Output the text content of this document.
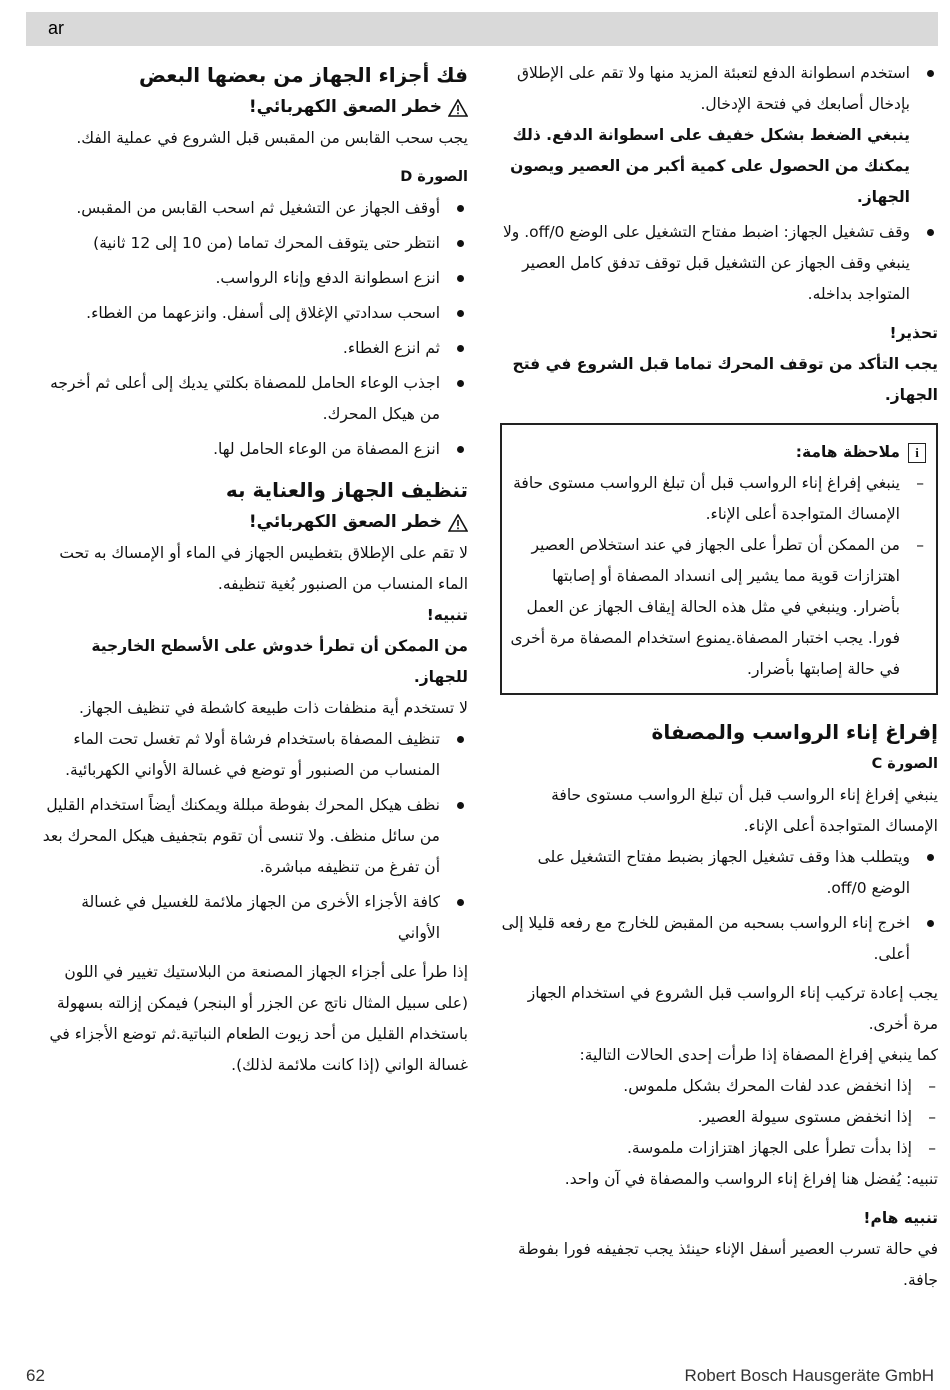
ar

استخدم اسطوانة الدفع لتعبئة المزيد منها ولا تقم على الإطلاق بإدخال أصابعك في فتحة الإدخال.

ينبغي الضغط بشكل خفيف على اسطوانة الدفع. ذلك يمكنك من الحصول على كمية أكبر من العصير ويصون الجهاز.

وقف تشغيل الجهاز: اضبط مفتاح التشغيل على الوضع off/0. ولا ينبغي وقف الجهاز عن التشغيل قبل توقف تدفق كامل العصير المتواجد بداخله.

تحذير!

يجب التأكد من توقف المحرك تماما قبل الشروع في فتح الجهاز.

i
ملاحظة هامة:
– ينبغي إفراغ إناء الرواسب قبل أن تبلغ الرواسب مستوى حافة الإمساك المتواجدة أعلى الإناء.
– من الممكن أن تطرأ على الجهاز في عند استخلاص العصير اهتزازات قوية مما يشير إلى انسداد المصفاة أو إصابتها بأضرار. وينبغي في مثل هذه الحالة إيقاف الجهاز عن العمل فورا. يجب اختبار المصفاة.يمنوع استخدام المصفاة مرة أخرى في حالة إصابتها بأضرار.
إفراغ إناء الرواسب والمصفاة

الصورة C

ينبغي إفراغ إناء الرواسب قبل أن تبلغ الرواسب مستوى حافة الإمساك المتواجدة أعلى الإناء.

ويتطلب هذا وقف تشغيل الجهاز بضبط مفتاح التشغيل على الوضع off/0.
اخرج إناء الرواسب بسحبه من المقبض للخارج مع رفعه قليلا إلى أعلى.

يجب إعادة تركيب إناء الرواسب قبل الشروع في استخدام الجهاز مرة أخرى.

كما ينبغي إفراغ المصفاة إذا طرأت إحدى الحالات التالية:

– إذا انخفض عدد لفات المحرك بشكل ملموس.
– إذا انخفض مستوى سيولة العصير.
– إذا بدأت تطرأ على الجهاز اهتزازات ملموسة.

تنبيه: يُفضل هنا إفراغ إناء الرواسب والمصفاة في آن واحد.

تنبيه هام!

في حالة تسرب العصير أسفل الإناء حينئذ يجب تجفيفه فورا بفوطة جافة.

فك أجزاء الجهاز من بعضها البعض
خطر الصعق الكهربائي!

يجب سحب القابس من المقبس قبل الشروع في عملية الفك.

الصورة D

أوقف الجهاز عن التشغيل ثم اسحب القابس من المقبس.
انتظر حتى يتوقف المحرك تماما (من 10 إلى 12 ثانية)
انزع اسطوانة الدفع وإناء الرواسب.
اسحب سدادتي الإغلاق إلى أسفل. وانزعهما من الغطاء.
ثم انزع الغطاء.
اجذب الوعاء الحامل للمصفاة بكلتي يديك إلى أعلى ثم أخرجه من هيكل المحرك.
انزع المصفاة من الوعاء الحامل لها.
تنظيف الجهاز والعناية به
خطر الصعق الكهربائي!

لا تقم على الإطلاق بتغطيس الجهاز في الماء أو الإمساك به تحت الماء المنساب من الصنبور بُغية تنظيفه.

تنبيه!

من الممكن أن تطرأ خدوش على الأسطح الخارجية للجهاز.

لا تستخدم أية منظفات ذات طبيعة كاشطة في تنظيف الجهاز.

تنظيف المصفاة باستخدام فرشاة أولا ثم تغسل تحت الماء المنساب من الصنبور أو توضع في غسالة الأواني الكهربائية.
نظف هيكل المحرك بفوطة مبللة ويمكنك أيضاً استخدام القليل من سائل منظف. ولا تنسى أن تقوم بتجفيف هيكل المحرك بعد أن تفرغ من تنظيفه مباشرة.
كافة الأجزاء الأخرى من الجهاز ملائمة للغسيل في غسالة الأواني

إذا طرأ على أجزاء الجهاز المصنعة من البلاستيك تغيير في اللون (على سبيل المثال ناتج عن الجزر أو البنجر) فيمكن إزالته بسهولة باستخدام القليل من أحد زيوت الطعام النباتية.ثم توضع الأجزاء في غسالة الواني (إذا كانت ملائمة لذلك).

62	Robert Bosch Hausgeräte GmbH
